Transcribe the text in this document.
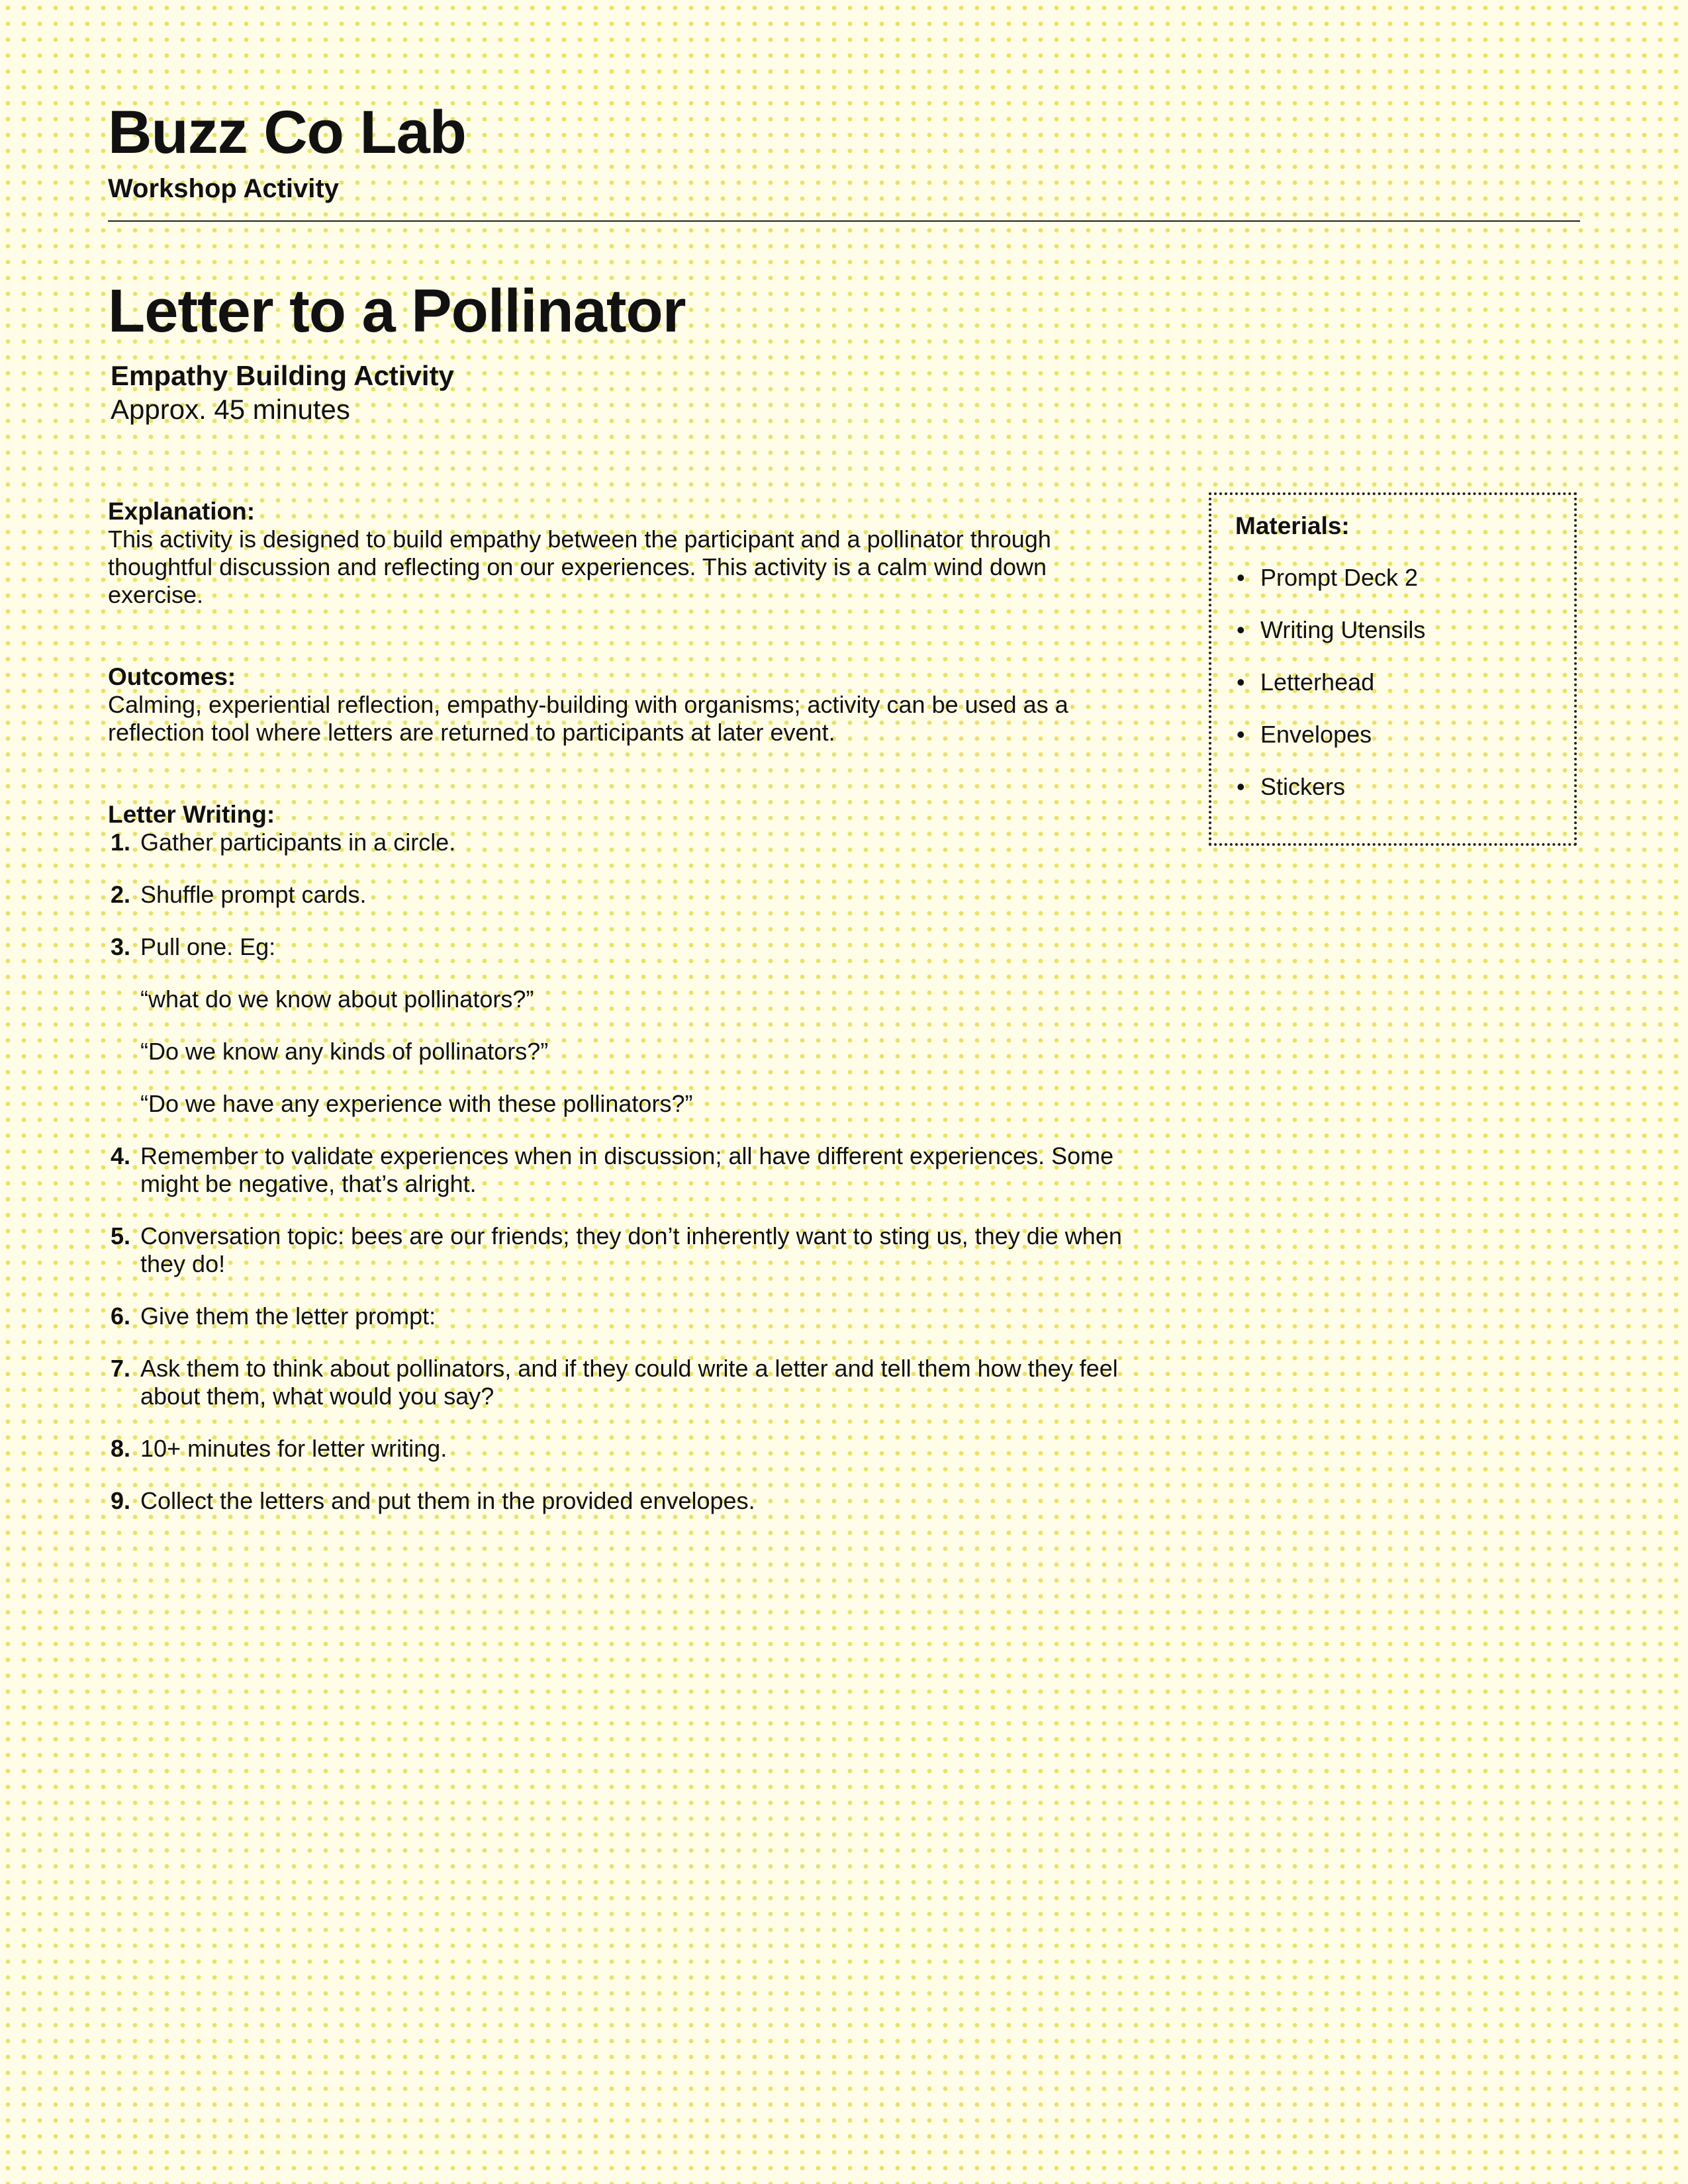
Buzz Co Lab
Workshop Activity
Letter to a Pollinator
Empathy Building Activity
Approx. 45 minutes
Explanation:

This activity is designed to build empathy between the participant and a pollinator through thoughtful discussion and reflecting on our experiences. This activity is a calm wind down exercise.

Outcomes:

Calming, experiential reflection, empathy-building with organisms; activity can be used as a reflection tool where letters are returned to participants at later event.

Letter Writing:
1. Gather participants in a circle.
2. Shuffle prompt cards.
3. Pull one. Eg:
“what do we know about pollinators?”
“Do we know any kinds of pollinators?”
“Do we have any experience with these pollinators?”
4. Remember to validate experiences when in discussion; all have different experiences. Some might be negative, that’s alright.
5. Conversation topic: bees are our friends; they don’t inherently want to sting us, they die when they do!
6. Give them the letter prompt:
7. Ask them to think about pollinators, and if they could write a letter and tell them how they feel about them, what would you say?
8. 10+ minutes for letter writing.
9. Collect the letters and put them in the provided envelopes.
Materials:
• Prompt Deck 2
• Writing Utensils
• Letterhead
• Envelopes
• Stickers
